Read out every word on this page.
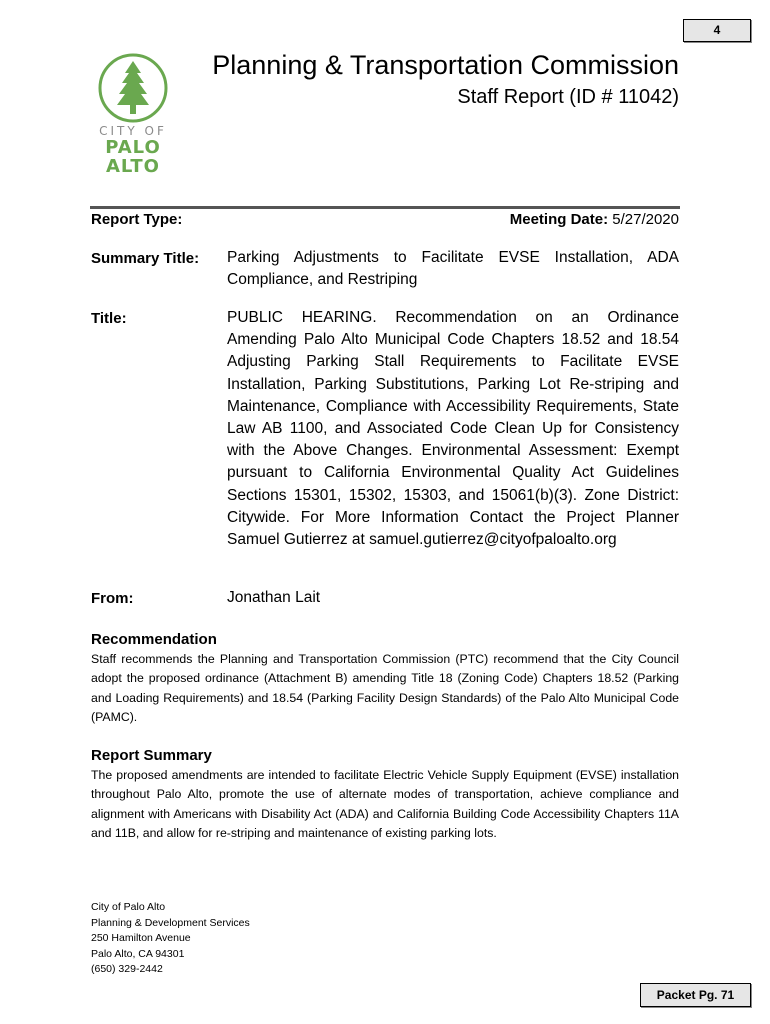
4
CITY OF
PALO
ALTO
Planning & Transportation Commission
Staff Report (ID # 11042)
Report Type:	Meeting Date: 5/27/2020
Summary Title: Parking Adjustments to Facilitate EVSE Installation, ADA Compliance, and Restriping
Title:	PUBLIC HEARING. Recommendation on an Ordinance Amending Palo Alto Municipal Code Chapters 18.52 and 18.54 Adjusting Parking Stall Requirements to Facilitate EVSE Installation, Parking Substitutions, Parking Lot Re-striping and Maintenance, Compliance with Accessibility Requirements, State Law AB 1100, and Associated Code Clean Up for Consistency with the Above Changes. Environmental Assessment: Exempt pursuant to California Environmental Quality Act Guidelines Sections 15301, 15302, 15303, and 15061(b)(3). Zone District: Citywide. For More Information Contact the Project Planner Samuel Gutierrez at samuel.gutierrez@cityofpaloalto.org
From:	Jonathan Lait
Recommendation
Staff recommends the Planning and Transportation Commission (PTC) recommend that the City Council adopt the proposed ordinance (Attachment B) amending Title 18 (Zoning Code) Chapters 18.52 (Parking and Loading Requirements) and 18.54 (Parking Facility Design Standards) of the Palo Alto Municipal Code (PAMC).
Report Summary
The proposed amendments are intended to facilitate Electric Vehicle Supply Equipment (EVSE) installation throughout Palo Alto, promote the use of alternate modes of transportation, achieve compliance and alignment with Americans with Disability Act (ADA) and California Building Code Accessibility Chapters 11A and 11B, and allow for re-striping and maintenance of existing parking lots.
City of Palo Alto
Planning & Development Services
250 Hamilton Avenue
Palo Alto, CA 94301
(650) 329-2442
Packet Pg. 71
